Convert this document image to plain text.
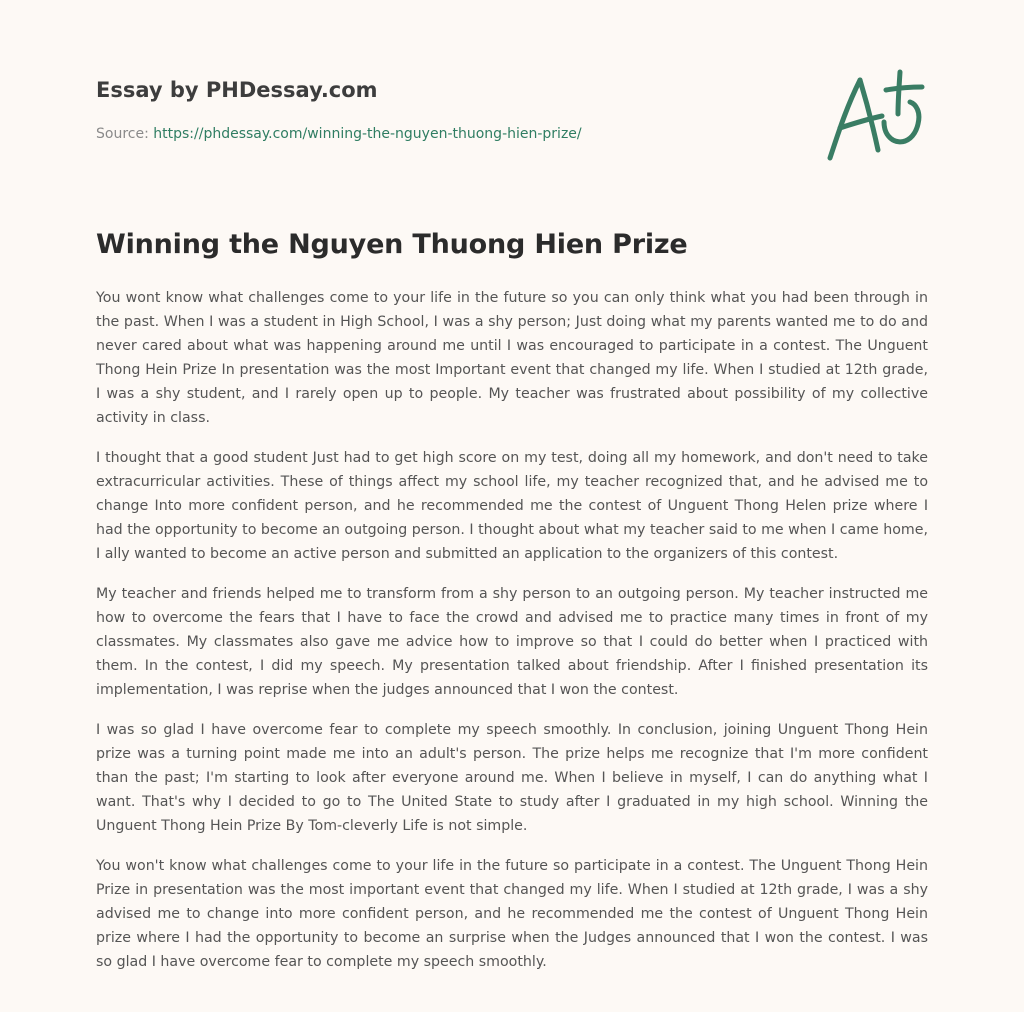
Essay by PHDessay.com
Source: https://phdessay.com/winning-the-nguyen-thuong-hien-prize/
Winning the Nguyen Thuong Hien Prize

You wont know what challenges come to your life in the future so you can only think what you had been through in the past. When I was a student in High School, I was a shy person; Just doing what my parents wanted me to do and never cared about what was happening around me until I was encouraged to participate in a contest. The Unguent Thong Hein Prize In presentation was the most Important event that changed my life. When I studied at 12th grade, I was a shy student, and I rarely open up to people. My teacher was frustrated about possibility of my collective activity in class.

I thought that a good student Just had to get high score on my test, doing all my homework, and don't need to take extracurricular activities. These of things affect my school life, my teacher recognized that, and he advised me to change Into more confident person, and he recommended me the contest of Unguent Thong Helen prize where I had the opportunity to become an outgoing person. I thought about what my teacher said to me when I came home, I ally wanted to become an active person and submitted an application to the organizers of this contest.

My teacher and friends helped me to transform from a shy person to an outgoing person. My teacher instructed me how to overcome the fears that I have to face the crowd and advised me to practice many times in front of my classmates. My classmates also gave me advice how to improve so that I could do better when I practiced with them. In the contest, I did my speech. My presentation talked about friendship. After I finished presentation its implementation, I was reprise when the judges announced that I won the contest.

I was so glad I have overcome fear to complete my speech smoothly. In conclusion, joining Unguent Thong Hein prize was a turning point made me into an adult's person. The prize helps me recognize that I'm more confident than the past; I'm starting to look after everyone around me. When I believe in myself, I can do anything what I want. That's why I decided to go to The United State to study after I graduated in my high school. Winning the Unguent Thong Hein Prize By Tom-cleverly Life is not simple.

You won't know what challenges come to your life in the future so participate in a contest. The Unguent Thong Hein Prize in presentation was the most important event that changed my life. When I studied at 12th grade, I was a shy advised me to change into more confident person, and he recommended me the contest of Unguent Thong Hein prize where I had the opportunity to become an surprise when the Judges announced that I won the contest. I was so glad I have overcome fear to complete my speech smoothly.
